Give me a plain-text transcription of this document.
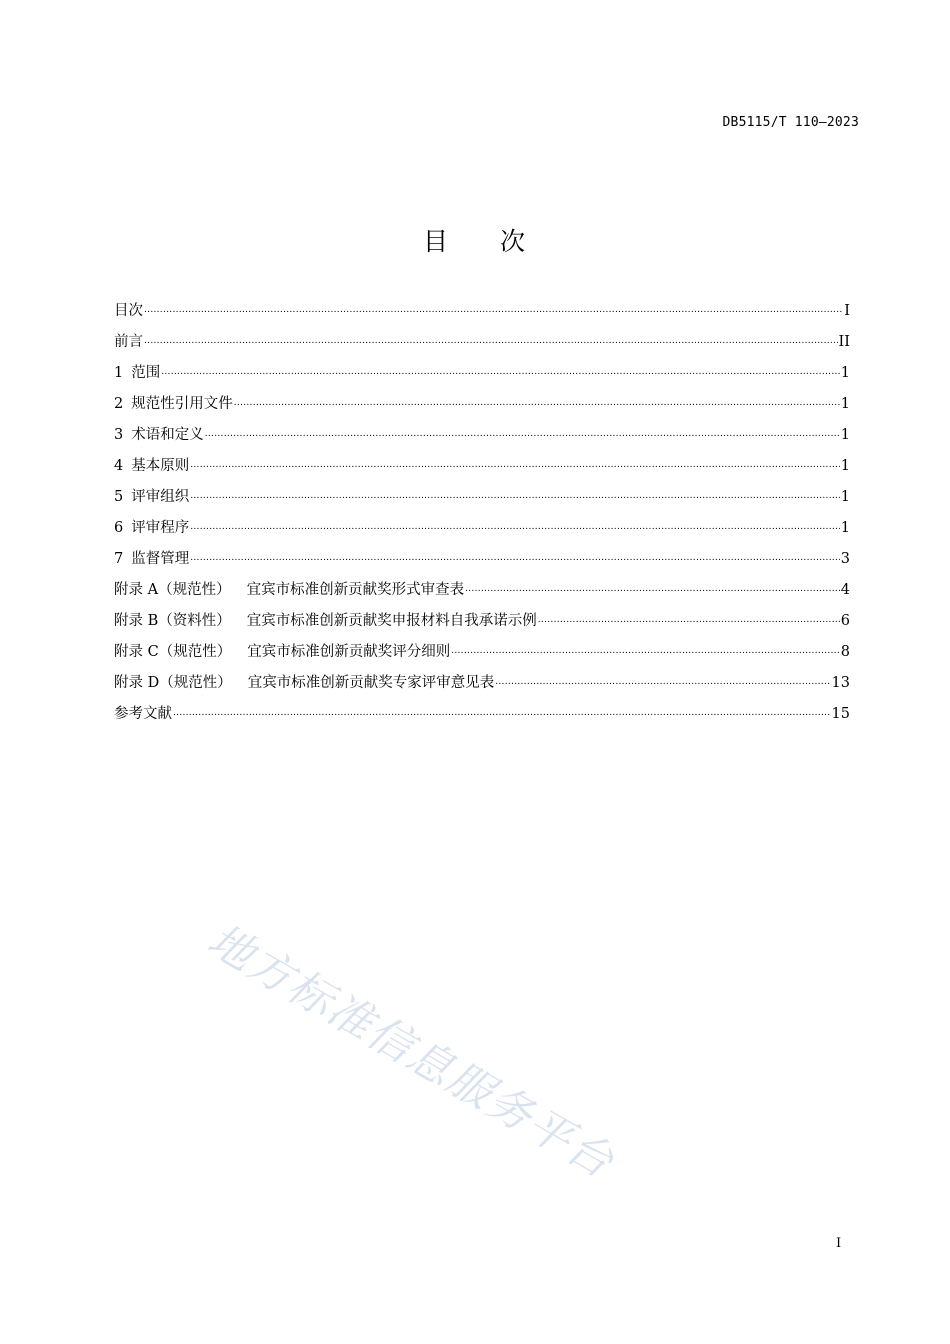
DB5115/T 110—2023
目 次
目次 .....	I
前言 .....	II
1 范围 .....	1
2 规范性引用文件 .....	1
3 术语和定义 .....	1
4 基本原则 .....	1
5 评审组织 .....	1
6 评审程序 .....	1
7 监督管理 .....	3
附录 A（规范性） 宜宾市标准创新贡献奖形式审查表 .....	4
附录 B（资料性） 宜宾市标准创新贡献奖申报材料自我承诺示例 .....	6
附录 C（规范性） 宜宾市标准创新贡献奖评分细则 .....	8
附录 D（规范性） 宜宾市标准创新贡献奖专家评审意见表 .....	13
参考文献 .....	15
地方标准信息服务平台
I
